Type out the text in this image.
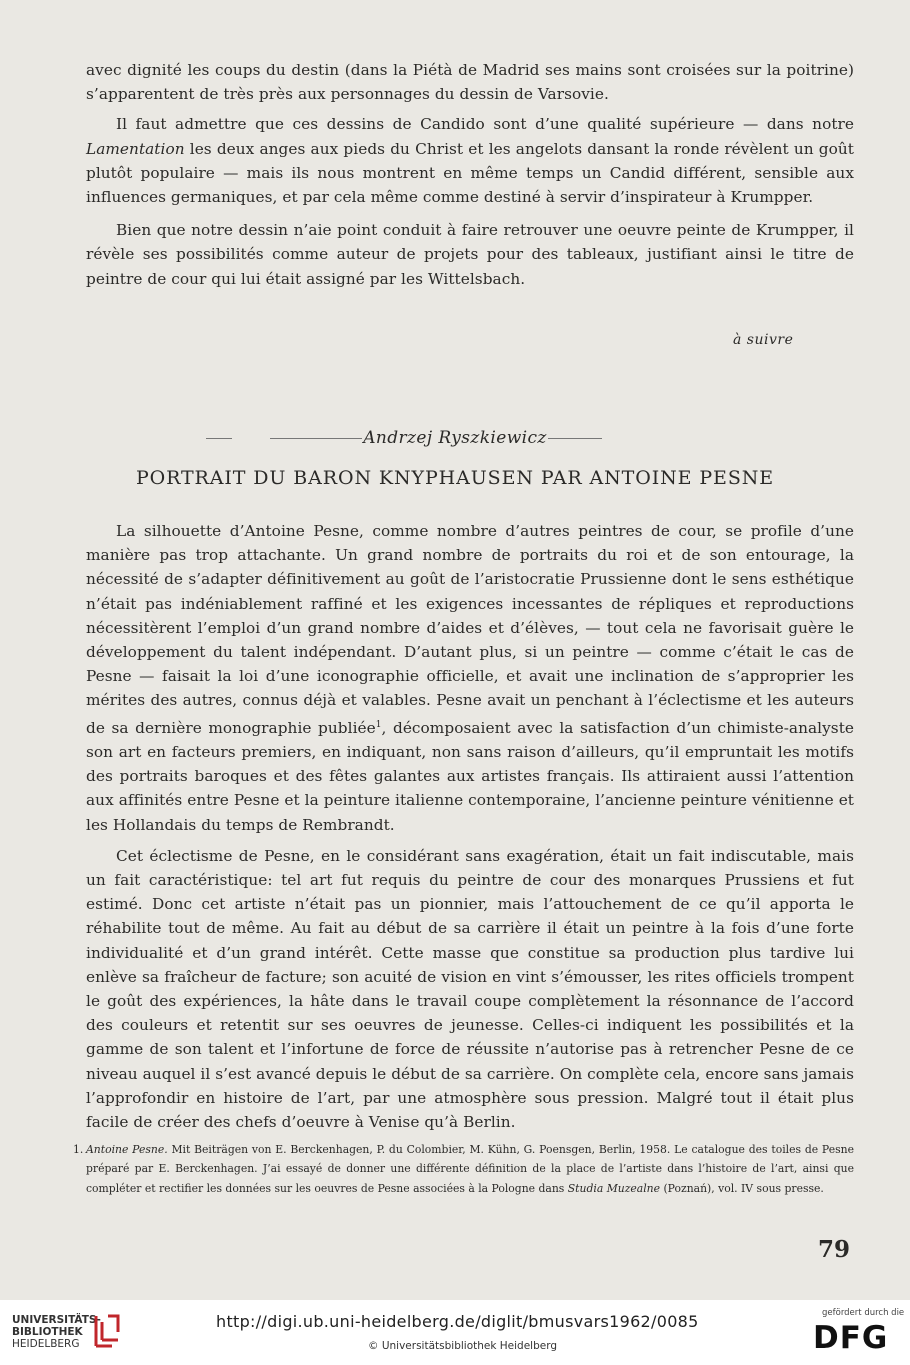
avec dignité les coups du destin (dans la Piétà de Madrid ses mains sont croisées sur la poitrine) s’apparentent de très près aux personnages du dessin de Varsovie.

Il faut admettre que ces dessins de Candido sont d’une qualité supérieure — dans notre Lamentation les deux anges aux pieds du Christ et les angelots dansant la ronde révèlent un goût plutôt populaire — mais ils nous montrent en même temps un Candid différent, sensible aux influences germaniques, et par cela même comme destiné à servir d’inspirateur à Krumpper.

Bien que notre dessin n’aie point conduit à faire retrouver une oeuvre peinte de Krumpper, il révèle ses possibilités comme auteur de projets pour des tableaux, justifiant ainsi le titre de peintre de cour qui lui était assigné par les Wittelsbach.

à suivre
Andrzej Ryszkiewicz
PORTRAIT DU BARON KNYPHAUSEN PAR ANTOINE PESNE

La silhouette d’Antoine Pesne, comme nombre d’autres peintres de cour, se profile d’une manière pas trop attachante. Un grand nombre de portraits du roi et de son entourage, la nécessité de s’adapter définitivement au goût de l’aristocratie Prussienne dont le sens esthétique n’était pas indéniablement raffiné et les exigences incessantes de répliques et reproductions nécessitèrent l’emploi d’un grand nombre d’aides et d’élèves, — tout cela ne favorisait guère le développement du talent indépendant. D’autant plus, si un peintre — comme c’était le cas de Pesne — faisait la loi d’une iconographie officielle, et avait une inclination de s’approprier les mérites des autres, connus déjà et valables. Pesne avait un penchant à l’éclectisme et les auteurs de sa dernière monographie publiée$^1$, décomposaient avec la satisfaction d’un chimiste-analyste son art en facteurs premiers, en indiquant, non sans raison d’ailleurs, qu’il empruntait les motifs des portraits baroques et des fêtes galantes aux artistes français. Ils attiraient aussi l’attention aux affinités entre Pesne et la peinture italienne contemporaine, l’ancienne peinture vénitienne et les Hollandais du temps de Rembrandt.

Cet éclectisme de Pesne, en le considérant sans exagération, était un fait indiscutable, mais un fait caractéristique: tel art fut requis du peintre de cour des monarques Prussiens et fut estimé. Donc cet artiste n’était pas un pionnier, mais l’attouchement de ce qu’il apporta le réhabilite tout de même. Au fait au début de sa carrière il était un peintre à la fois d’une forte individualité et d’un grand intérêt. Cette masse que constitue sa production plus tardive lui enlève sa fraîcheur de facture; son acuité de vision en vint s’émousser, les rites officiels trompent le goût des expériences, la hâte dans le travail coupe complètement la résonnance de l’accord des couleurs et retentit sur ses oeuvres de jeunesse. Celles-ci indiquent les possibilités et la gamme de son talent et l’infortune de force de réussite n’autorise pas à retrencher Pesne de ce niveau auquel il s’est avancé depuis le début de sa carrière. On complète cela, encore sans jamais l’approfondir en histoire de l’art, par une atmosphère sous pression. Malgré tout il était plus facile de créer des chefs d’oeuvre à Venise qu’à Berlin.

1. Antoine Pesne. Mit Beiträgen von E. Berckenhagen, P. du Colombier, M. Kühn, G. Poensgen, Berlin, 1958. Le catalogue des toiles de Pesne préparé par E. Berckenhagen. J’ai essayé de donner une différente définition de la place de l’artiste dans l’histoire de l’art, ainsi que compléter et rectifier les données sur les oeuvres de Pesne associées à la Pologne dans Studia Muzealne (Poznań), vol. IV sous presse.
79
UNIVERSITÄTS-
BIBLIOTHEK
HEIDELBERG
http://digi.ub.uni-heidelberg.de/diglit/bmusvars1962/0085
© Universitätsbibliothek Heidelberg
gefördert durch die
DFG
